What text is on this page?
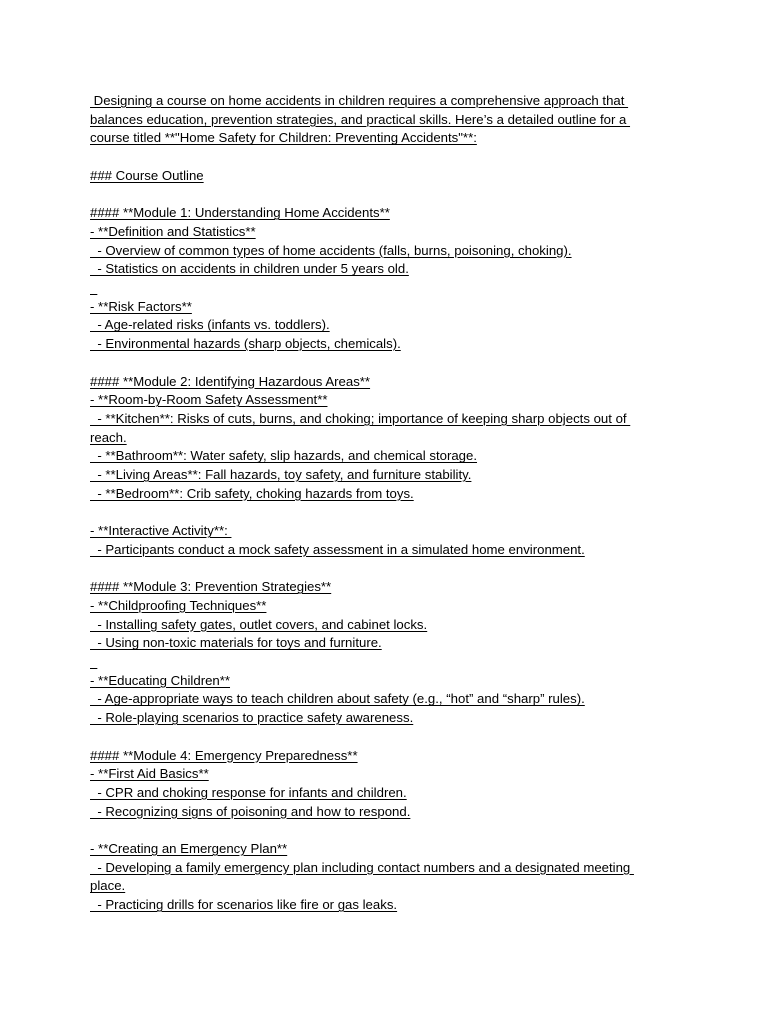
Designing a course on home accidents in children requires a comprehensive approach that
balances education, prevention strategies, and practical skills. Here’s a detailed outline for a
course titled **"Home Safety for Children: Preventing Accidents"**:
### Course Outline
#### **Module 1: Understanding Home Accidents**
- **Definition and Statistics**
- Overview of common types of home accidents (falls, burns, poisoning, choking).
- Statistics on accidents in children under 5 years old.

- **Risk Factors**
- Age-related risks (infants vs. toddlers).
- Environmental hazards (sharp objects, chemicals).
#### **Module 2: Identifying Hazardous Areas**
- **Room-by-Room Safety Assessment**
- **Kitchen**: Risks of cuts, burns, and choking; importance of keeping sharp objects out of
reach.
- **Bathroom**: Water safety, slip hazards, and chemical storage.
- **Living Areas**: Fall hazards, toy safety, and furniture stability.
- **Bedroom**: Crib safety, choking hazards from toys.
- **Interactive Activity**:
- Participants conduct a mock safety assessment in a simulated home environment.
#### **Module 3: Prevention Strategies**
- **Childproofing Techniques**
- Installing safety gates, outlet covers, and cabinet locks.
- Using non-toxic materials for toys and furniture.

- **Educating Children**
- Age-appropriate ways to teach children about safety (e.g., “hot” and “sharp” rules).
- Role-playing scenarios to practice safety awareness.
#### **Module 4: Emergency Preparedness**
- **First Aid Basics**
- CPR and choking response for infants and children.
- Recognizing signs of poisoning and how to respond.
- **Creating an Emergency Plan**
- Developing a family emergency plan including contact numbers and a designated meeting
place.
- Practicing drills for scenarios like fire or gas leaks.
